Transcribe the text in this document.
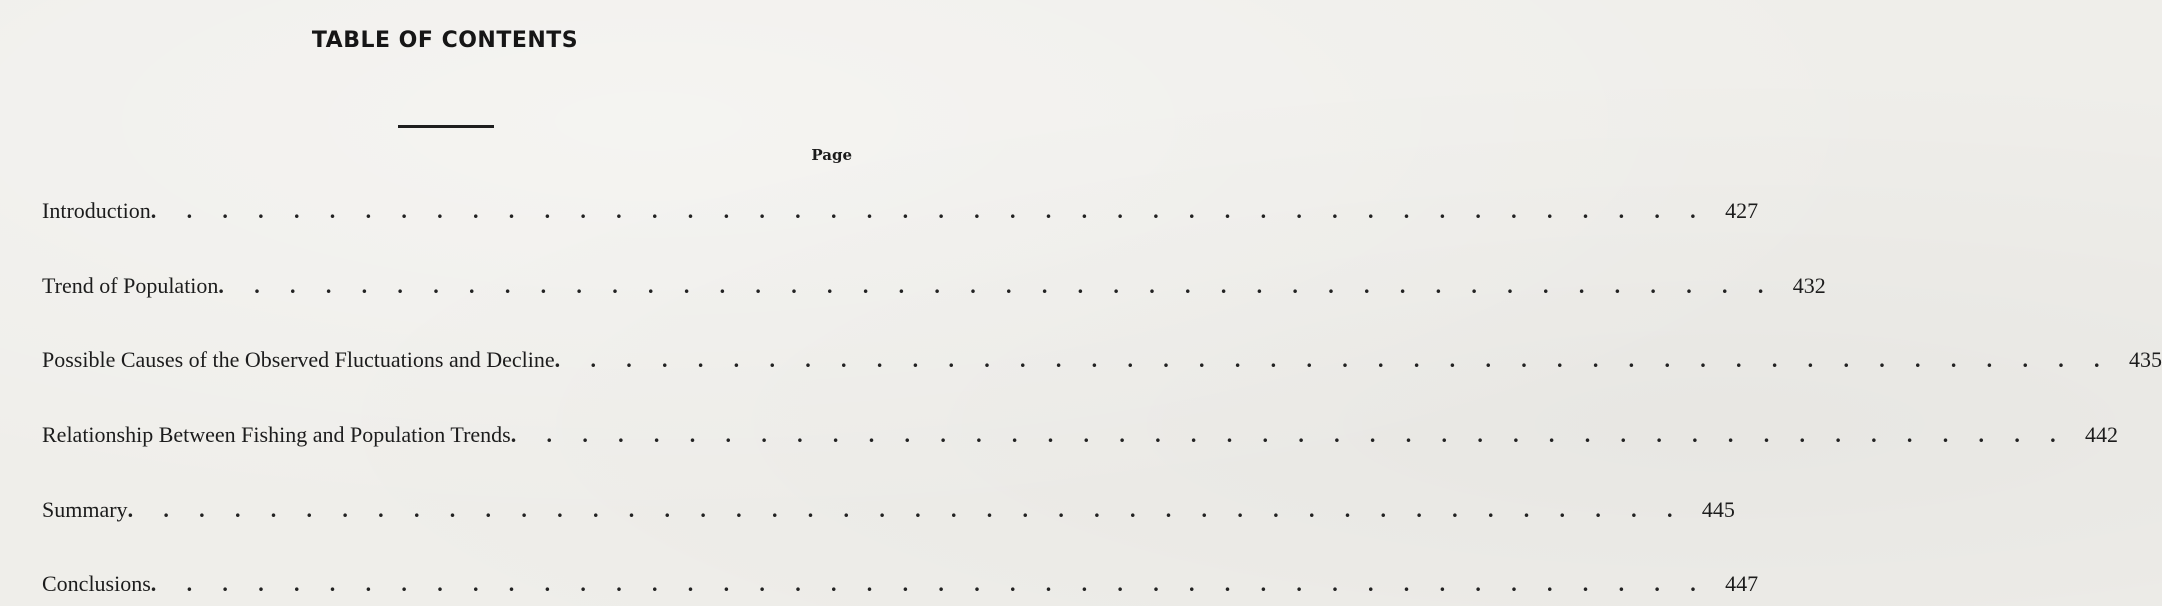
TABLE OF CONTENTS
Page
Introduction . . . . . . . . . . . . . . . . . . . . . . . . . . . . . . . . . . . . . . . . . . . . 427
Trend of Population . . . . . . . . . . . . . . . . . . . . . . . . . . . . . . . . . . . . . . . . . . . . 432
Possible Causes of the Observed Fluctuations and Decline . . . . . . . . . . . . . . . . . . . . . . . . . . . . . . . . . . . . . . . . . . . . 435
Relationship Between Fishing and Population Trends . . . . . . . . . . . . . . . . . . . . . . . . . . . . . . . . . . . . . . . . . . . . 442
Summary . . . . . . . . . . . . . . . . . . . . . . . . . . . . . . . . . . . . . . . . . . . . 445
Conclusions . . . . . . . . . . . . . . . . . . . . . . . . . . . . . . . . . . . . . . . . . . . . 447
